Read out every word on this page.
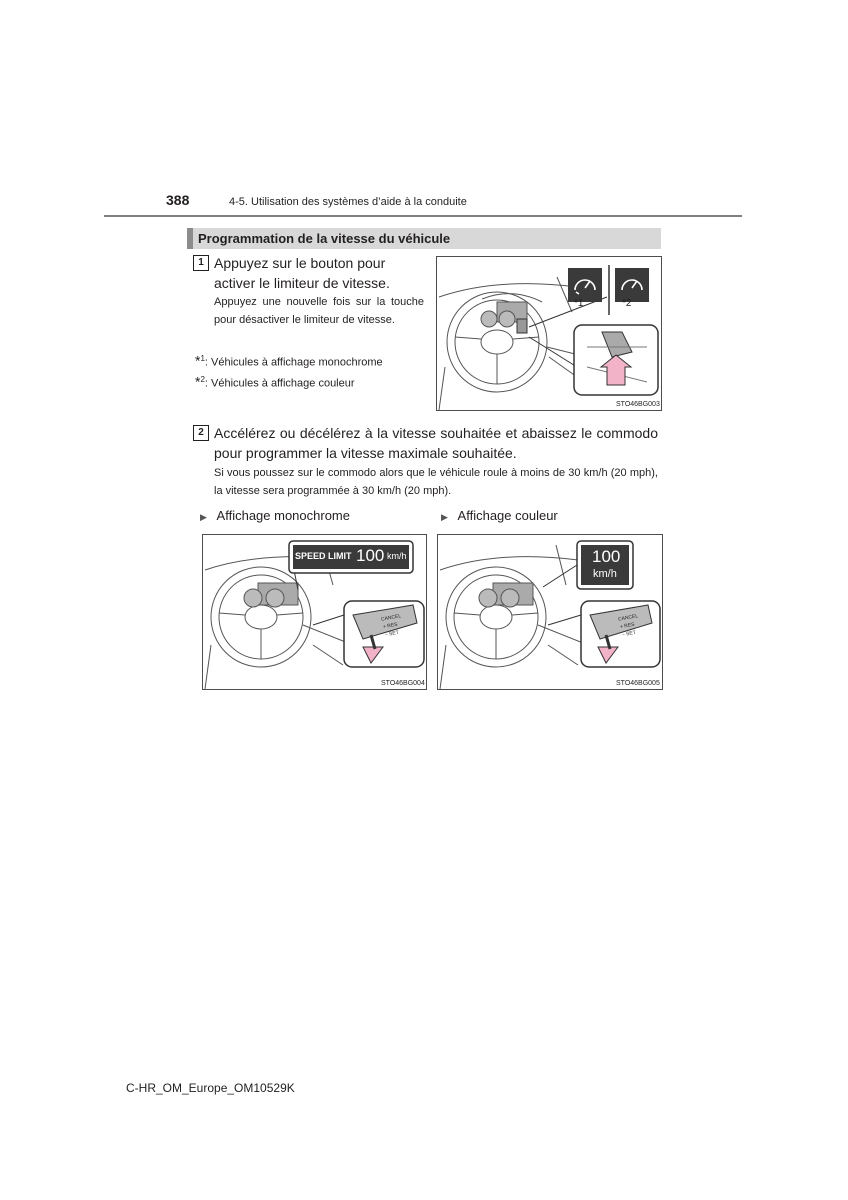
388	4-5. Utilisation des systèmes d’aide à la conduite
Programmation de la vitesse du véhicule
1 Appuyez sur le bouton pour activer le limiteur de vitesse.
Appuyez une nouvelle fois sur la touche pour désactiver le limiteur de vitesse.
*$^1$: Véhicules à affichage monochrome
*$^2$: Véhicules à affichage couleur
*1	*2
STO46BG003
2 Accélérez ou décélérez à la vitesse souhaitée et abaissez le commodo pour programmer la vitesse maximale souhaitée.
Si vous poussez sur le commodo alors que le véhicule roule à moins de 30 km/h (20 mph), la vitesse sera programmée à 30 km/h (20 mph).
▶ Affichage monochrome	▶ Affichage couleur
SPEED LIMIT 100 km/h
CANCEL
+ RES
– SET
STO46BG004
100
km/h
CANCEL
+ RES
– SET
STO46BG005
C-HR_OM_Europe_OM10529K
